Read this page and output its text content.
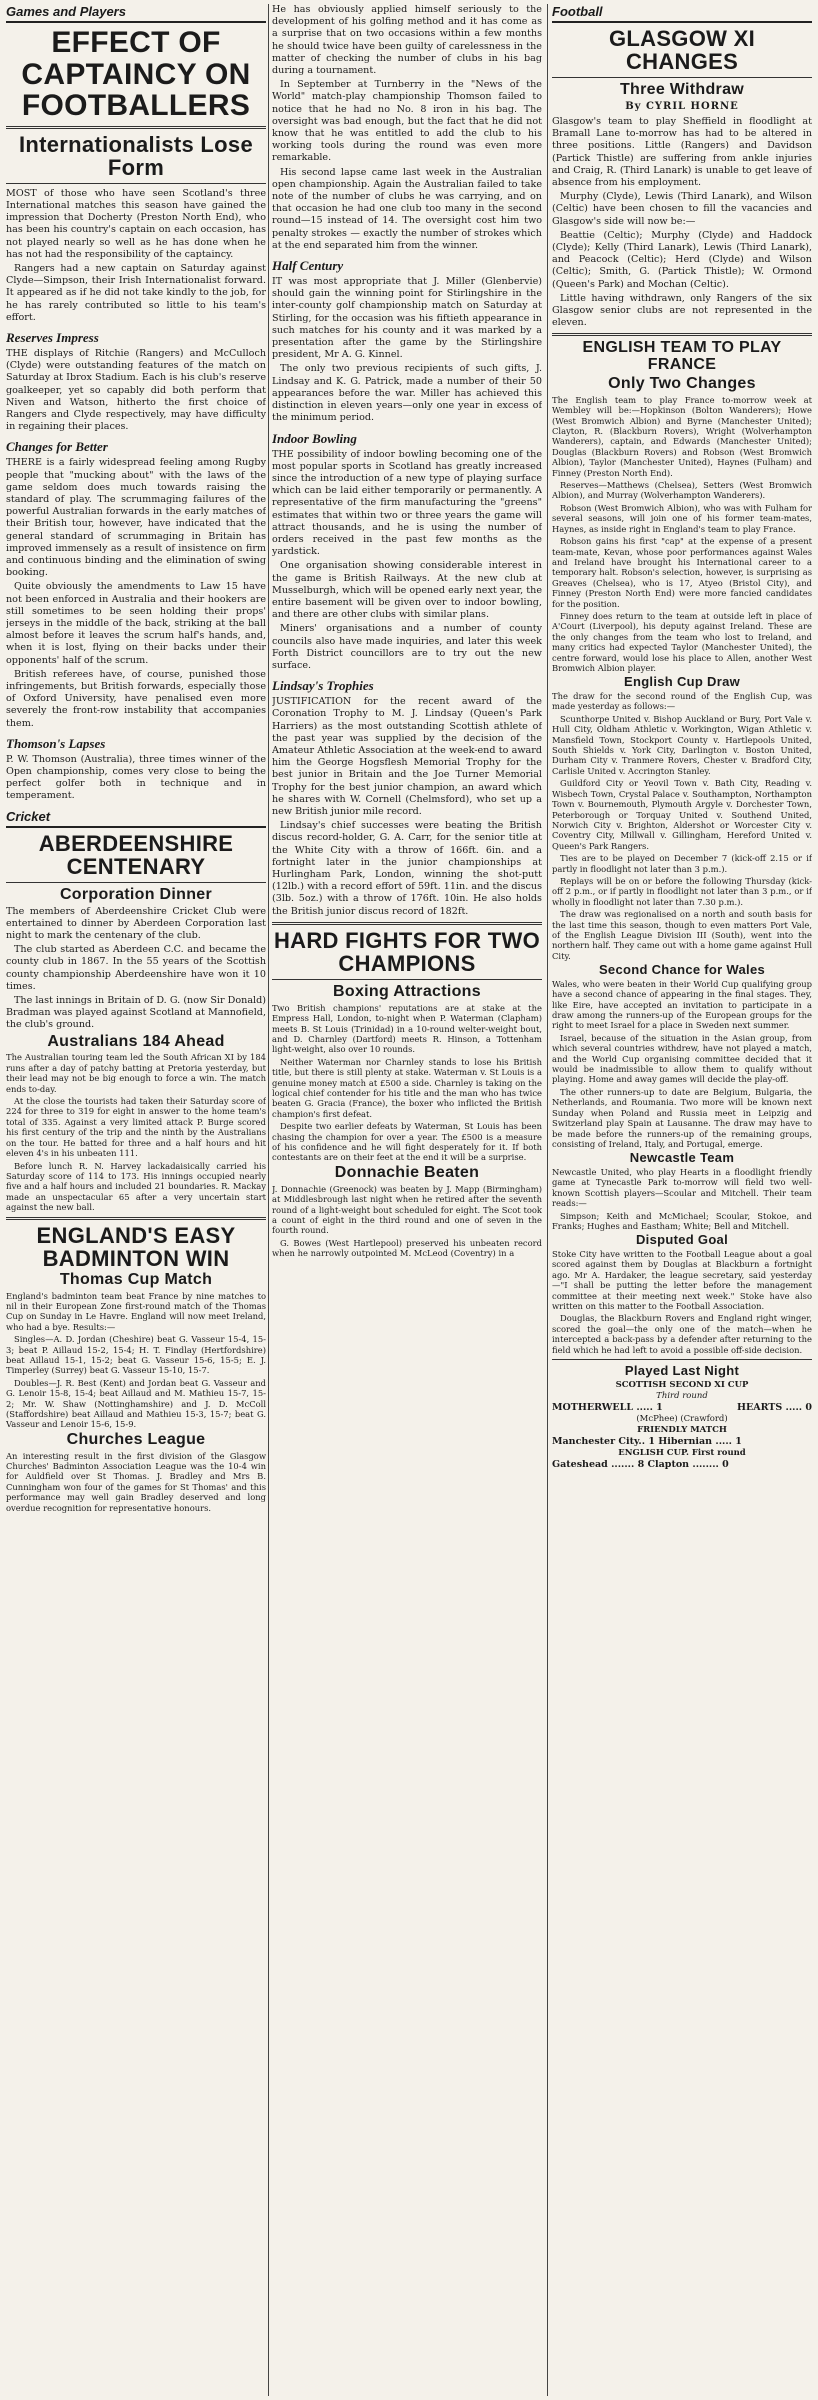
Games and Players
EFFECT OF CAPTAINCY ON FOOTBALLERS
Internationalists Lose Form

MOST of those who have seen Scotland's three International matches this season have gained the impression that Docherty (Preston North End), who has been his country's captain on each occasion, has not played nearly so well as he has done when he has not had the responsibility of the captaincy.

Rangers had a new captain on Saturday against Clyde—Simpson, their Irish Internationalist forward. It appeared as if he did not take kindly to the job, for he has rarely contributed so little to his team's effort.

Reserves Impress

THE displays of Ritchie (Rangers) and McCulloch (Clyde) were outstanding features of the match on Saturday at Ibrox Stadium. Each is his club's reserve goalkeeper, yet so capably did both perform that Niven and Watson, hitherto the first choice of Rangers and Clyde respectively, may have difficulty in regaining their places.

Changes for Better

THERE is a fairly widespread feeling among Rugby people that "mucking about" with the laws of the game seldom does much towards raising the standard of play. The scrummaging failures of the powerful Australian forwards in the early matches of their British tour, however, have indicated that the general standard of scrummaging in Britain has improved immensely as a result of insistence on firm and continuous binding and the elimination of swing booking.

Quite obviously the amendments to Law 15 have not been enforced in Australia and their hookers are still sometimes to be seen holding their props' jerseys in the middle of the back, striking at the ball almost before it leaves the scrum half's hands, and, when it is lost, flying on their backs under their opponents' half of the scrum.

British referees have, of course, punished those infringements, but British forwards, especially those of Oxford University, have penalised even more severely the front-row instability that accompanies them.

Thomson's Lapses

P. W. Thomson (Australia), three times winner of the Open championship, comes very close to being the perfect golfer both in technique and in temperament.

Cricket
ABERDEENSHIRE CENTENARY
Corporation Dinner

The members of Aberdeenshire Cricket Club were entertained to dinner by Aberdeen Corporation last night to mark the centenary of the club.

The club started as Aberdeen C.C. and became the county club in 1867. In the 55 years of the Scottish county championship Aberdeenshire have won it 10 times.

The last innings in Britain of D. G. (now Sir Donald) Bradman was played against Scotland at Mannofield, the club's ground.

Australians 184 Ahead

The Australian touring team led the South African XI by 184 runs after a day of patchy batting at Pretoria yesterday, but their lead may not be big enough to force a win. The match ends to-day.

At the close the tourists had taken their Saturday score of 224 for three to 319 for eight in answer to the home team's total of 335. Against a very limited attack P. Burge scored his first century of the trip and the ninth by the Australians on the tour. He batted for three and a half hours and hit eleven 4's in his unbeaten 111.

Before lunch R. N. Harvey lackadaisically carried his Saturday score of 114 to 173. His innings occupied nearly five and a half hours and included 21 boundaries. R. Mackay made an unspectacular 65 after a very uncertain start against the new ball.

ENGLAND'S EASY BADMINTON WIN
Thomas Cup Match

England's badminton team beat France by nine matches to nil in their European Zone first-round match of the Thomas Cup on Sunday in Le Havre. England will now meet Ireland, who had a bye. Results:—

Singles—A. D. Jordan (Cheshire) beat G. Vasseur 15-4, 15-3; beat P. Aillaud 15-2, 15-4; H. T. Findlay (Hertfordshire) beat Aillaud 15-1, 15-2; beat G. Vasseur 15-6, 15-5; E. J. Timperley (Surrey) beat G. Vasseur 15-10, 15-7.

Doubles—J. R. Best (Kent) and Jordan beat G. Vasseur and G. Lenoir 15-8, 15-4; beat Aillaud and M. Mathieu 15-7, 15-2; Mr. W. Shaw (Nottinghamshire) and J. D. McColl (Staffordshire) beat Aillaud and Mathieu 15-3, 15-7; beat G. Vasseur and Lenoir 15-6, 15-9.

Churches League

An interesting result in the first division of the Glasgow Churches' Badminton Association League was the 10-4 win for Auldfield over St Thomas. J. Bradley and Mrs B. Cunningham won four of the games for St Thomas' and this performance may well gain Bradley deserved and long overdue recognition for representative honours.

He has obviously applied himself seriously to the development of his golfing method and it has come as a surprise that on two occasions within a few months he should twice have been guilty of carelessness in the matter of checking the number of clubs in his bag during a tournament.

In September at Turnberry in the "News of the World" match-play championship Thomson failed to notice that he had no No. 8 iron in his bag. The oversight was bad enough, but the fact that he did not know that he was entitled to add the club to his working tools during the round was even more remarkable.

His second lapse came last week in the Australian open championship. Again the Australian failed to take note of the number of clubs he was carrying, and on that occasion he had one club too many in the second round—15 instead of 14. The oversight cost him two penalty strokes — exactly the number of strokes which at the end separated him from the winner.

Half Century

IT was most appropriate that J. Miller (Glenbervie) should gain the winning point for Stirlingshire in the inter-county golf championship match on Saturday at Stirling, for the occasion was his fiftieth appearance in such matches for his county and it was marked by a presentation after the game by the Stirlingshire president, Mr A. G. Kinnel.

The only two previous recipients of such gifts, J. Lindsay and K. G. Patrick, made a number of their 50 appearances before the war. Miller has achieved this distinction in eleven years—only one year in excess of the minimum period.

Indoor Bowling

THE possibility of indoor bowling becoming one of the most popular sports in Scotland has greatly increased since the introduction of a new type of playing surface which can be laid either temporarily or permanently. A representative of the firm manufacturing the "greens" estimates that within two or three years the game will attract thousands, and he is using the number of orders received in the past few months as the yardstick.

One organisation showing considerable interest in the game is British Railways. At the new club at Musselburgh, which will be opened early next year, the entire basement will be given over to indoor bowling, and there are other clubs with similar plans.

Miners' organisations and a number of county councils also have made inquiries, and later this week Forth District councillors are to try out the new surface.

Lindsay's Trophies

JUSTIFICATION for the recent award of the Coronation Trophy to M. J. Lindsay (Queen's Park Harriers) as the most outstanding Scottish athlete of the past year was supplied by the decision of the Amateur Athletic Association at the week-end to award him the George Hogsflesh Memorial Trophy for the best junior in Britain and the Joe Turner Memorial Trophy for the best junior champion, an award which he shares with W. Cornell (Chelmsford), who set up a new British junior mile record.

Lindsay's chief successes were beating the British discus record-holder, G. A. Carr, for the senior title at the White City with a throw of 166ft. 6in. and a fortnight later in the junior championships at Hurlingham Park, London, winning the shot-putt (12lb.) with a record effort of 59ft. 11in. and the discus (3lb. 5oz.) with a throw of 176ft. 10in. He also holds the British junior discus record of 182ft.

HARD FIGHTS FOR TWO CHAMPIONS
Boxing Attractions

Two British champions' reputations are at stake at the Empress Hall, London, to-night when P. Waterman (Clapham) meets B. St Louis (Trinidad) in a 10-round welter-weight bout, and D. Charnley (Dartford) meets R. Hinson, a Tottenham light-weight, also over 10 rounds.

Neither Waterman nor Charnley stands to lose his British title, but there is still plenty at stake. Waterman v. St Louis is a genuine money match at £500 a side. Charnley is taking on the logical chief contender for his title and the man who has twice beaten G. Gracia (France), the boxer who inflicted the British champion's first defeat.

Despite two earlier defeats by Waterman, St Louis has been chasing the champion for over a year. The £500 is a measure of his confidence and he will fight desperately for it. If both contestants are on their feet at the end it will be a surprise.

Donnachie Beaten

J. Donnachie (Greenock) was beaten by J. Mapp (Birmingham) at Middlesbrough last night when he retired after the seventh round of a light-weight bout scheduled for eight. The Scot took a count of eight in the third round and one of seven in the fourth round.

G. Bowes (West Hartlepool) preserved his unbeaten record when he narrowly outpointed M. McLeod (Coventry) in a

Football
GLASGOW XI CHANGES
Three Withdraw
By CYRIL HORNE

Glasgow's team to play Sheffield in floodlight at Bramall Lane to-morrow has had to be altered in three positions. Little (Rangers) and Davidson (Partick Thistle) are suffering from ankle injuries and Craig, R. (Third Lanark) is unable to get leave of absence from his employment.

Murphy (Clyde), Lewis (Third Lanark), and Wilson (Celtic) have been chosen to fill the vacancies and Glasgow's side will now be:—

Beattie (Celtic); Murphy (Clyde) and Haddock (Clyde); Kelly (Third Lanark), Lewis (Third Lanark), and Peacock (Celtic); Herd (Clyde) and Wilson (Celtic); Smith, G. (Partick Thistle); W. Ormond (Queen's Park) and Mochan (Celtic).

Little having withdrawn, only Rangers of the six Glasgow senior clubs are not represented in the eleven.

ENGLISH TEAM TO PLAY FRANCE
Only Two Changes

The English team to play France to-morrow week at Wembley will be:—Hopkinson (Bolton Wanderers); Howe (West Bromwich Albion) and Byrne (Manchester United); Clayton, R. (Blackburn Rovers), Wright (Wolverhampton Wanderers), captain, and Edwards (Manchester United); Douglas (Blackburn Rovers) and Robson (West Bromwich Albion), Taylor (Manchester United), Haynes (Fulham) and Finney (Preston North End).

Reserves—Matthews (Chelsea), Setters (West Bromwich Albion), and Murray (Wolverhampton Wanderers).

Robson (West Bromwich Albion), who was with Fulham for several seasons, will join one of his former team-mates, Haynes, as inside right in England's team to play France.

Robson gains his first "cap" at the expense of a present team-mate, Kevan, whose poor performances against Wales and Ireland have brought his International career to a temporary halt. Robson's selection, however, is surprising as Greaves (Chelsea), who is 17, Atyeo (Bristol City), and Finney (Preston North End) were more fancied candidates for the position.

Finney does return to the team at outside left in place of A'Court (Liverpool), his deputy against Ireland. These are the only changes from the team who lost to Ireland, and many critics had expected Taylor (Manchester United), the centre forward, would lose his place to Allen, another West Bromwich Albion player.

English Cup Draw

The draw for the second round of the English Cup, was made yesterday as follows:—

Scunthorpe United v. Bishop Auckland or Bury, Port Vale v. Hull City, Oldham Athletic v. Workington, Wigan Athletic v. Mansfield Town, Stockport County v. Hartlepools United, South Shields v. York City, Darlington v. Boston United, Durham City v. Tranmere Rovers, Chester v. Bradford City, Carlisle United v. Accrington Stanley.

Guildford City or Yeovil Town v. Bath City, Reading v. Wisbech Town, Crystal Palace v. Southampton, Northampton Town v. Bournemouth, Plymouth Argyle v. Dorchester Town, Peterborough or Torquay United v. Southend United, Norwich City v. Brighton, Aldershot or Worcester City v. Coventry City, Millwall v. Gillingham, Hereford United v. Queen's Park Rangers.

Ties are to be played on December 7 (kick-off 2.15 or if partly in floodlight not later than 3 p.m.).

Replays will be on or before the following Thursday (kick-off 2 p.m., or if partly in floodlight not later than 3 p.m., or if wholly in floodlight not later than 7.30 p.m.).

The draw was regionalised on a north and south basis for the last time this season, though to even matters Port Vale, of the English League Division III (South), went into the northern half. They came out with a home game against Hull City.

Second Chance for Wales

Wales, who were beaten in their World Cup qualifying group have a second chance of appearing in the final stages. They, like Eire, have accepted an invitation to participate in a draw among the runners-up of the European groups for the right to meet Israel for a place in Sweden next summer.

Israel, because of the situation in the Asian group, from which several countries withdrew, have not played a match, and the World Cup organising committee decided that it would be inadmissible to allow them to qualify without playing. Home and away games will decide the play-off.

The other runners-up to date are Belgium, Bulgaria, the Netherlands, and Roumania. Two more will be known next Sunday when Poland and Russia meet in Leipzig and Switzerland play Spain at Lausanne. The draw may have to be made before the runners-up of the remaining groups, consisting of Ireland, Italy, and Portugal, emerge.

Newcastle Team

Newcastle United, who play Hearts in a floodlight friendly game at Tynecastle Park to-morrow will field two well-known Scottish players—Scoular and Mitchell. Their team reads:—

Simpson; Keith and McMichael; Scoular, Stokoe, and Franks; Hughes and Eastham; White; Bell and Mitchell.

Disputed Goal

Stoke City have written to the Football League about a goal scored against them by Douglas at Blackburn a fortnight ago. Mr A. Hardaker, the league secretary, said yesterday—"I shall be putting the letter before the management committee at their meeting next week." Stoke have also written on this matter to the Football Association.

Douglas, the Blackburn Rovers and England right winger, scored the goal—the only one of the match—when he intercepted a back-pass by a defender after returning to the field which he had left to avoid a possible off-side decision.

Played Last Night
SCOTTISH SECOND XI CUP
Third round
MOTHERWELL ..... 1	HEARTS ..... 0
(McPhee) (Crawford)
FRIENDLY MATCH
Manchester City.. 1 Hibernian ..... 1
ENGLISH CUP. First round
Gateshead ....... 8 Clapton ........ 0
